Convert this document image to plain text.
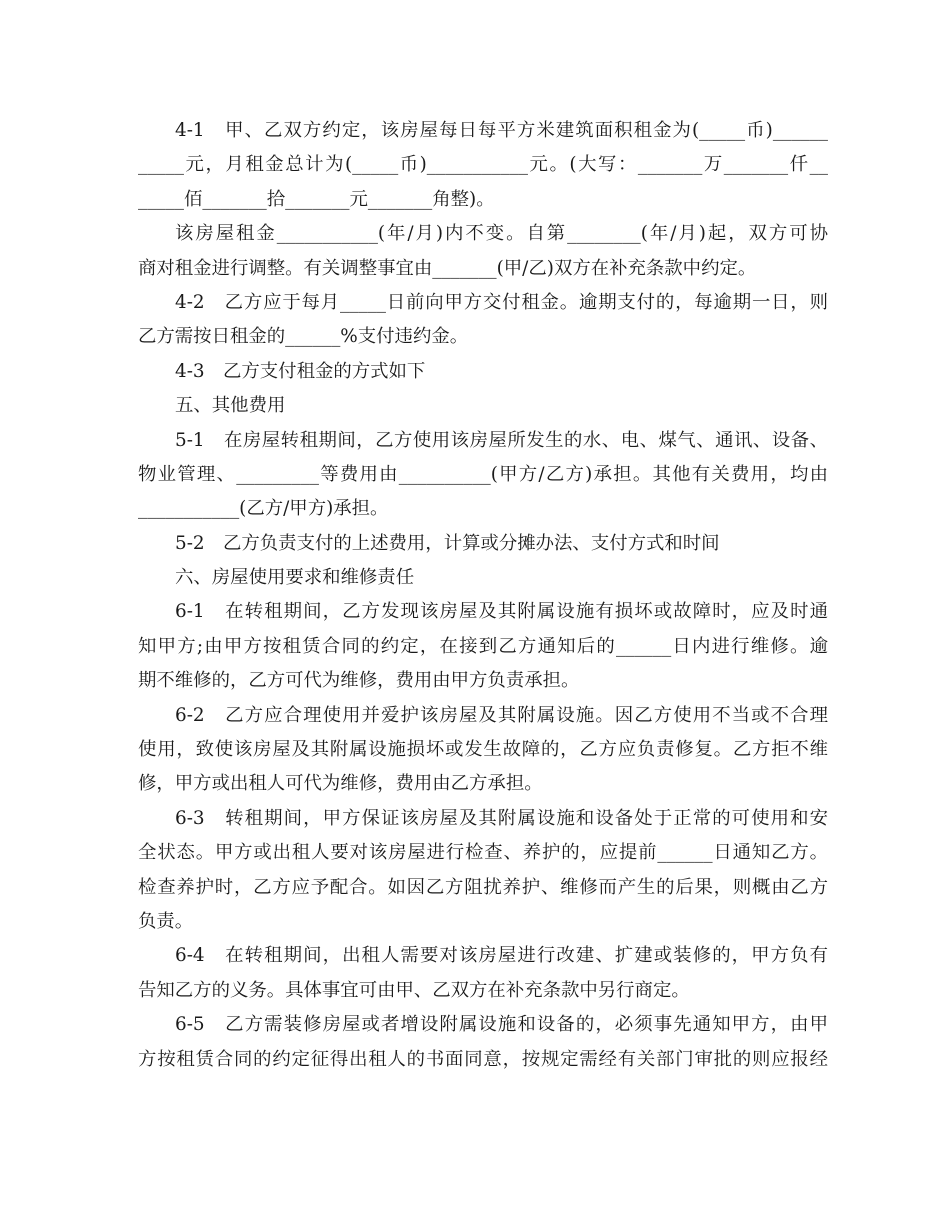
4-1　甲、乙双方约定，该房屋每日每平方米建筑面积租金为(_____币)______
_____元，月租金总计为(_____币)___________元。(大写：_______万_______仟__
_____佰_______拾_______元_______角整)。
该房屋租金___________(年/月)内不变。自第________(年/月)起，双方可协
商对租金进行调整。有关调整事宜由_______(甲/乙)双方在补充条款中约定。
4-2　乙方应于每月_____日前向甲方交付租金。逾期支付的，每逾期一日，则
乙方需按日租金的______%支付违约金。
4-3　乙方支付租金的方式如下
五、其他费用
5-1　在房屋转租期间，乙方使用该房屋所发生的水、电、煤气、通讯、设备、
物业管理、_________等费用由__________(甲方/乙方)承担。其他有关费用，均由
___________(乙方/甲方)承担。
5-2　乙方负责支付的上述费用，计算或分摊办法、支付方式和时间
六、房屋使用要求和维修责任
6-1　在转租期间，乙方发现该房屋及其附属设施有损坏或故障时，应及时通
知甲方;由甲方按租赁合同的约定，在接到乙方通知后的______日内进行维修。逾
期不维修的，乙方可代为维修，费用由甲方负责承担。
6-2　乙方应合理使用并爱护该房屋及其附属设施。因乙方使用不当或不合理
使用，致使该房屋及其附属设施损坏或发生故障的，乙方应负责修复。乙方拒不维
修，甲方或出租人可代为维修，费用由乙方承担。
6-3　转租期间，甲方保证该房屋及其附属设施和设备处于正常的可使用和安
全状态。甲方或出租人要对该房屋进行检查、养护的，应提前______日通知乙方。
检查养护时，乙方应予配合。如因乙方阻扰养护、维修而产生的后果，则概由乙方
负责。
6-4　在转租期间，出租人需要对该房屋进行改建、扩建或装修的，甲方负有
告知乙方的义务。具体事宜可由甲、乙双方在补充条款中另行商定。
6-5　乙方需装修房屋或者增设附属设施和设备的，必须事先通知甲方，由甲
方按租赁合同的约定征得出租人的书面同意，按规定需经有关部门审批的则应报经
